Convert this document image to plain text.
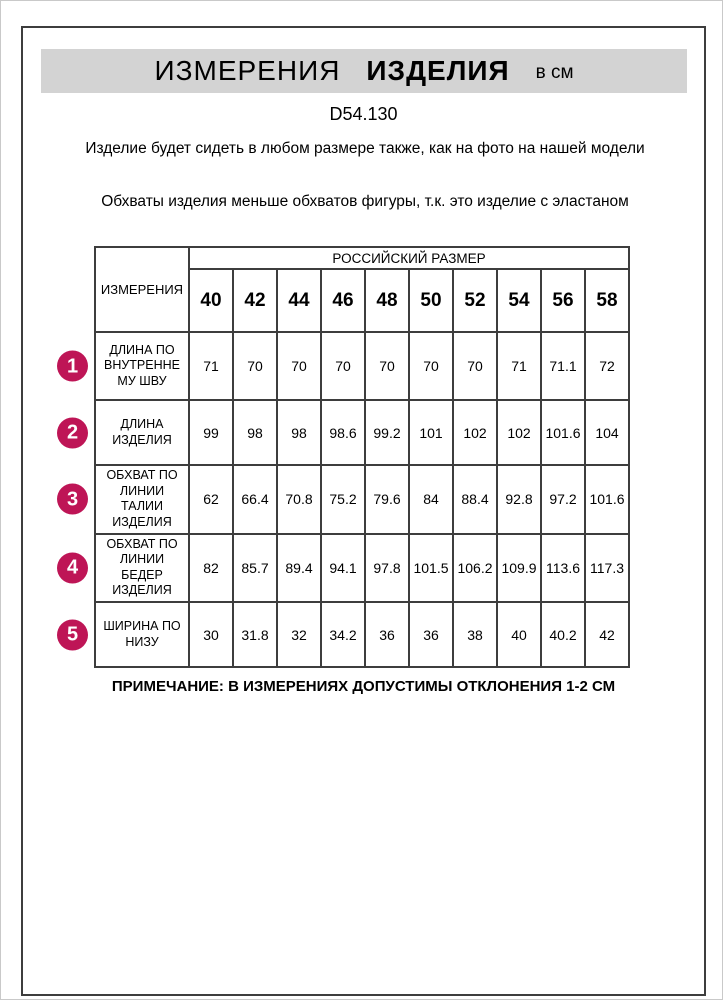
ИЗМЕРЕНИЯ ИЗДЕЛИЯ в см
D54.130
Изделие будет сидеть в любом размере также, как на фото на нашей модели
Обхваты изделия меньше обхватов фигуры, т.к. это изделие с эластаном
ИЗМЕРЕНИЯ	РОССИЙСКИЙ РАЗМЕР									
	40	42	44	46	48	50	52	54	56	58

1
ДЛИНА ПО ВНУТРЕННЕМУ ШВУ	71	70	70	70	70	70	70	71	71.1	72

2 ДЛИНА ИЗДЕЛИЯ	99	98	98	98.6	99.2	101	102	102	101.6	104

3
ОБХВАТ ПО ЛИНИИ ТАЛИИ ИЗДЕЛИЯ	62	66.4	70.8	75.2	79.6	84	88.4	92.8	97.2	101.6

4
ОБХВАТ ПО ЛИНИИ БЕДЕР ИЗДЕЛИЯ	82	85.7	89.4	94.1	97.8	101.5	106.2	109.9	113.6	117.3

5 ШИРИНА ПО НИЗУ	30	31.8	32	34.2	36	36	38	40	40.2	42
ПРИМЕЧАНИЕ: В ИЗМЕРЕНИЯХ ДОПУСТИМЫ ОТКЛОНЕНИЯ 1-2 СМ
